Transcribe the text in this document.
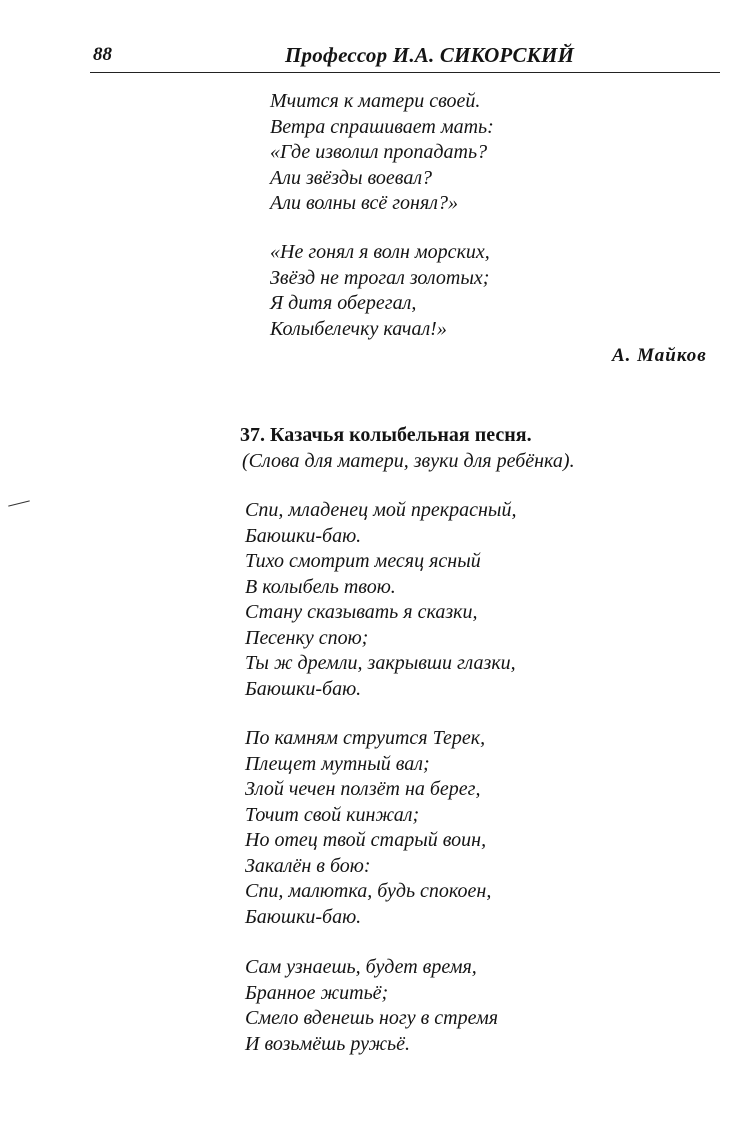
88	Профессор И.А. СИКОРСКИЙ
Мчится к матери своей.
Ветра спрашивает мать:
«Где изволил пропадать?
Али звёзды воевал?
Али волны всё гонял?»
«Не гонял я волн морских,
Звёзд не трогал золотых;
Я дитя оберегал,
Колыбелечку качал!»
А. Майков
37. Казачья колыбельная песня.
(Слова для матери, звуки для ребёнка).
Спи, младенец мой прекрасный,
Баюшки-баю.
Тихо смотрит месяц ясный
В колыбель твою.
Стану сказывать я сказки,
Песенку спою;
Ты ж дремли, закрывши глазки,
Баюшки-баю.
По камням струится Терек,
Плещет мутный вал;
Злой чечен ползёт на берег,
Точит свой кинжал;
Но отец твой старый воин,
Закалён в бою:
Спи, малютка, будь спокоен,
Баюшки-баю.
Сам узнаешь, будет время,
Бранное житьё;
Смело вденешь ногу в стремя
И возьмёшь ружьё.
